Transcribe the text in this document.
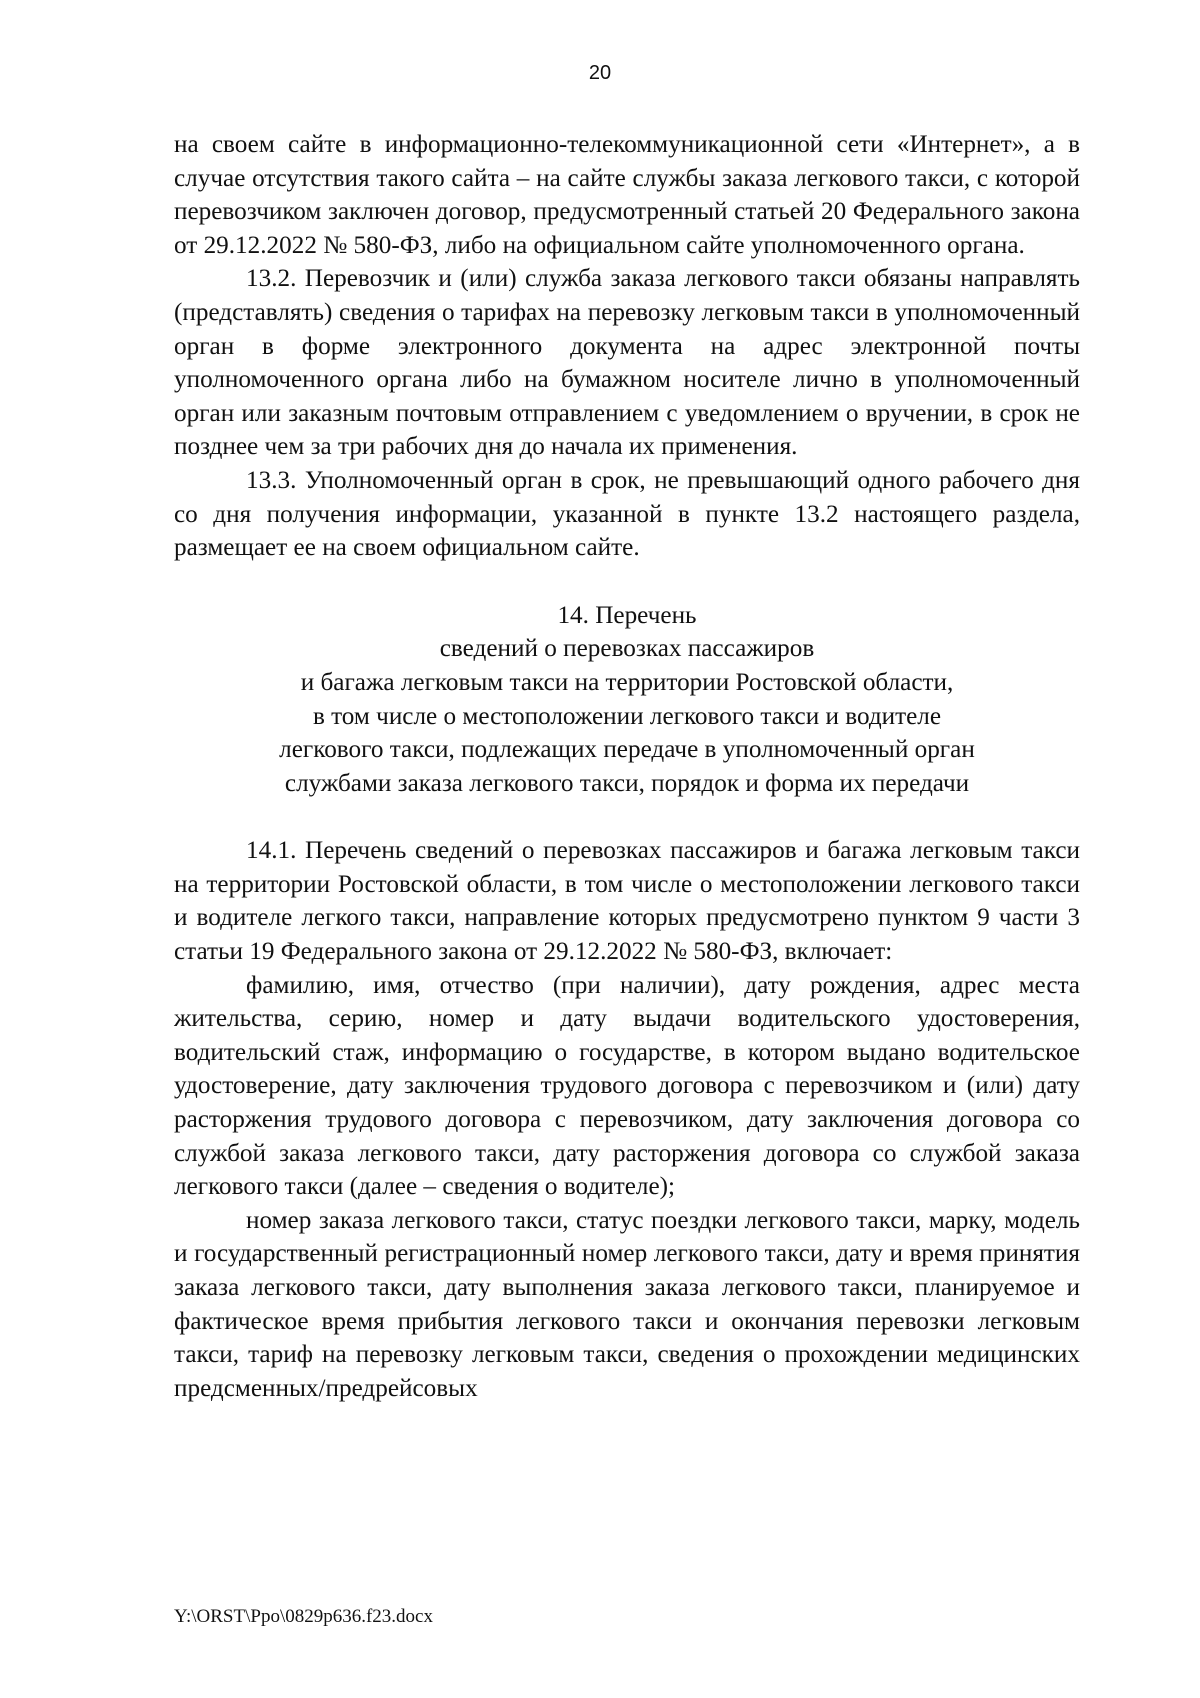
20

на своем сайте в информационно-телекоммуникационной сети «Интернет», а в случае отсутствия такого сайта – на сайте службы заказа легкового такси, с которой перевозчиком заключен договор, предусмотренный статьей 20 Федерального закона от 29.12.2022 № 580-ФЗ, либо на официальном сайте уполномоченного органа.

13.2. Перевозчик и (или) служба заказа легкового такси обязаны направлять (представлять) сведения о тарифах на перевозку легковым такси в уполномоченный орган в форме электронного документа на адрес электронной почты уполномоченного органа либо на бумажном носителе лично в уполномоченный орган или заказным почтовым отправлением с уведомлением о вручении, в срок не позднее чем за три рабочих дня до начала их применения.

13.3. Уполномоченный орган в срок, не превышающий одного рабочего дня со дня получения информации, указанной в пункте 13.2 настоящего раздела, размещает ее на своем официальном сайте.

14. Перечень
сведений о перевозках пассажиров
и багажа легковым такси на территории Ростовской области,
в том числе о местоположении легкового такси и водителе
легкового такси, подлежащих передаче в уполномоченный орган
службами заказа легкового такси, порядок и форма их передачи

14.1. Перечень сведений о перевозках пассажиров и багажа легковым такси на территории Ростовской области, в том числе о местоположении легкового такси и водителе легкого такси, направление которых предусмотрено пунктом 9 части 3 статьи 19 Федерального закона от 29.12.2022 № 580-ФЗ, включает:

фамилию, имя, отчество (при наличии), дату рождения, адрес места жительства, серию, номер и дату выдачи водительского удостоверения, водительский стаж, информацию о государстве, в котором выдано водительское удостоверение, дату заключения трудового договора с перевозчиком и (или) дату расторжения трудового договора с перевозчиком, дату заключения договора со службой заказа легкового такси, дату расторжения договора со службой заказа легкового такси (далее – сведения о водителе);

номер заказа легкового такси, статус поездки легкового такси, марку, модель и государственный регистрационный номер легкового такси, дату и время принятия заказа легкового такси, дату выполнения заказа легкового такси, планируемое и фактическое время прибытия легкового такси и окончания перевозки легковым такси, тариф на перевозку легковым такси, сведения о прохождении медицинских предсменных/предрейсовых

Y:\ORST\Ppo\0829p636.f23.docx
